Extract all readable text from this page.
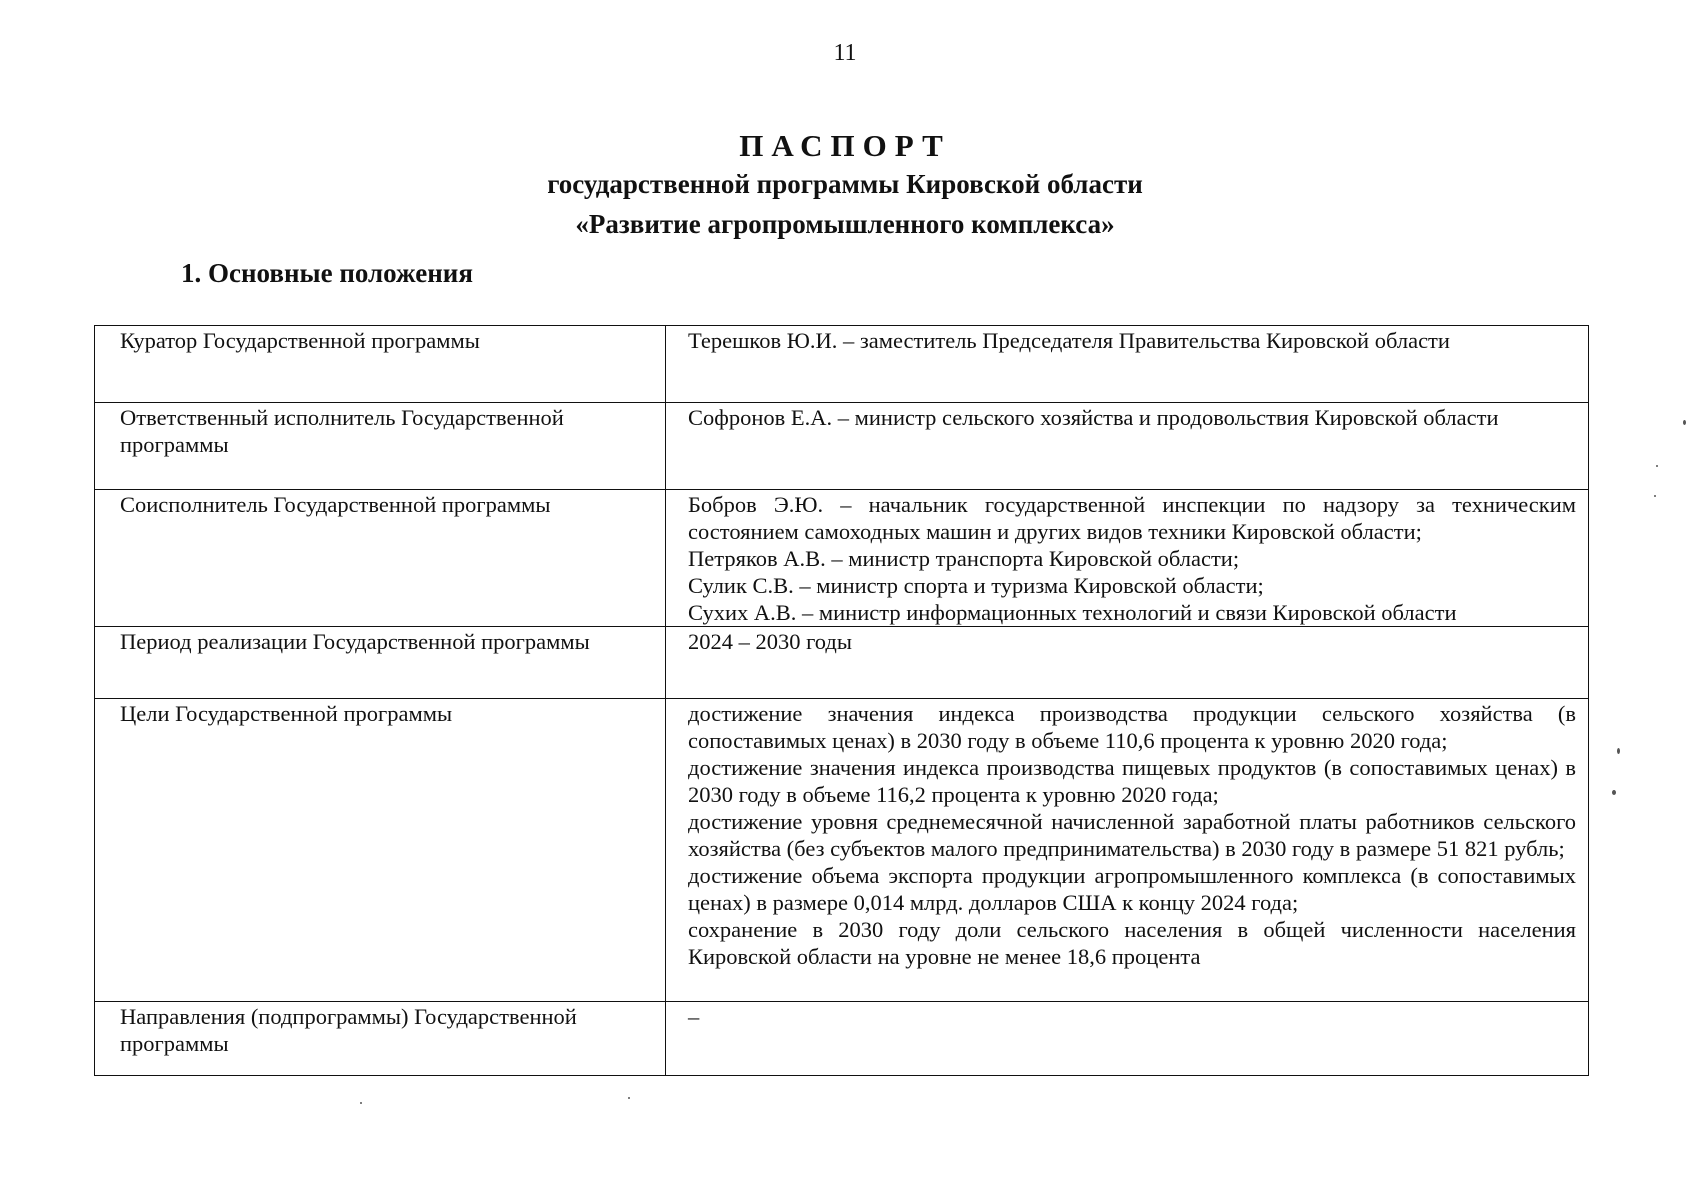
11
ПАСПОРТ
государственной программы Кировской области
«Развитие агропромышленного комплекса»
1. Основные положения
Куратор Государственной программы	Терешков Ю.И. – заместитель Председателя Правительства Кировской области

Ответственный исполнитель Государственной программы	Софронов Е.А. – министр сельского хозяйства и продовольствия Кировской области

Соисполнитель Государственной программы	Бобров Э.Ю. – начальник государственной инспекции по надзору за техническим состоянием самоходных машин и других видов техники Кировской области;
Петряков А.В. – министр транспорта Кировской области;
Сулик С.В. – министр спорта и туризма Кировской области;
Сухих А.В. – министр информационных технологий и связи Кировской области

Период реализации Государственной программы	2024 – 2030 годы

Цели Государственной программы	достижение значения индекса производства продукции сельского хозяйства (в сопоставимых ценах) в 2030 году в объеме 110,6 процента к уровню 2020 года;
достижение значения индекса производства пищевых продуктов (в сопоставимых ценах) в 2030 году в объеме 116,2 процента к уровню 2020 года;
достижение уровня среднемесячной начисленной заработной платы работников сельского хозяйства (без субъектов малого предпринимательства) в 2030 году в размере 51 821 рубль;
достижение объема экспорта продукции агропромышленного комплекса (в сопоставимых ценах) в размере 0,014 млрд. долларов США к концу 2024 года;
сохранение в 2030 году доли сельского населения в общей численности населения Кировской области на уровне не менее 18,6 процента

Направления (подпрограммы) Государственной программы	–
